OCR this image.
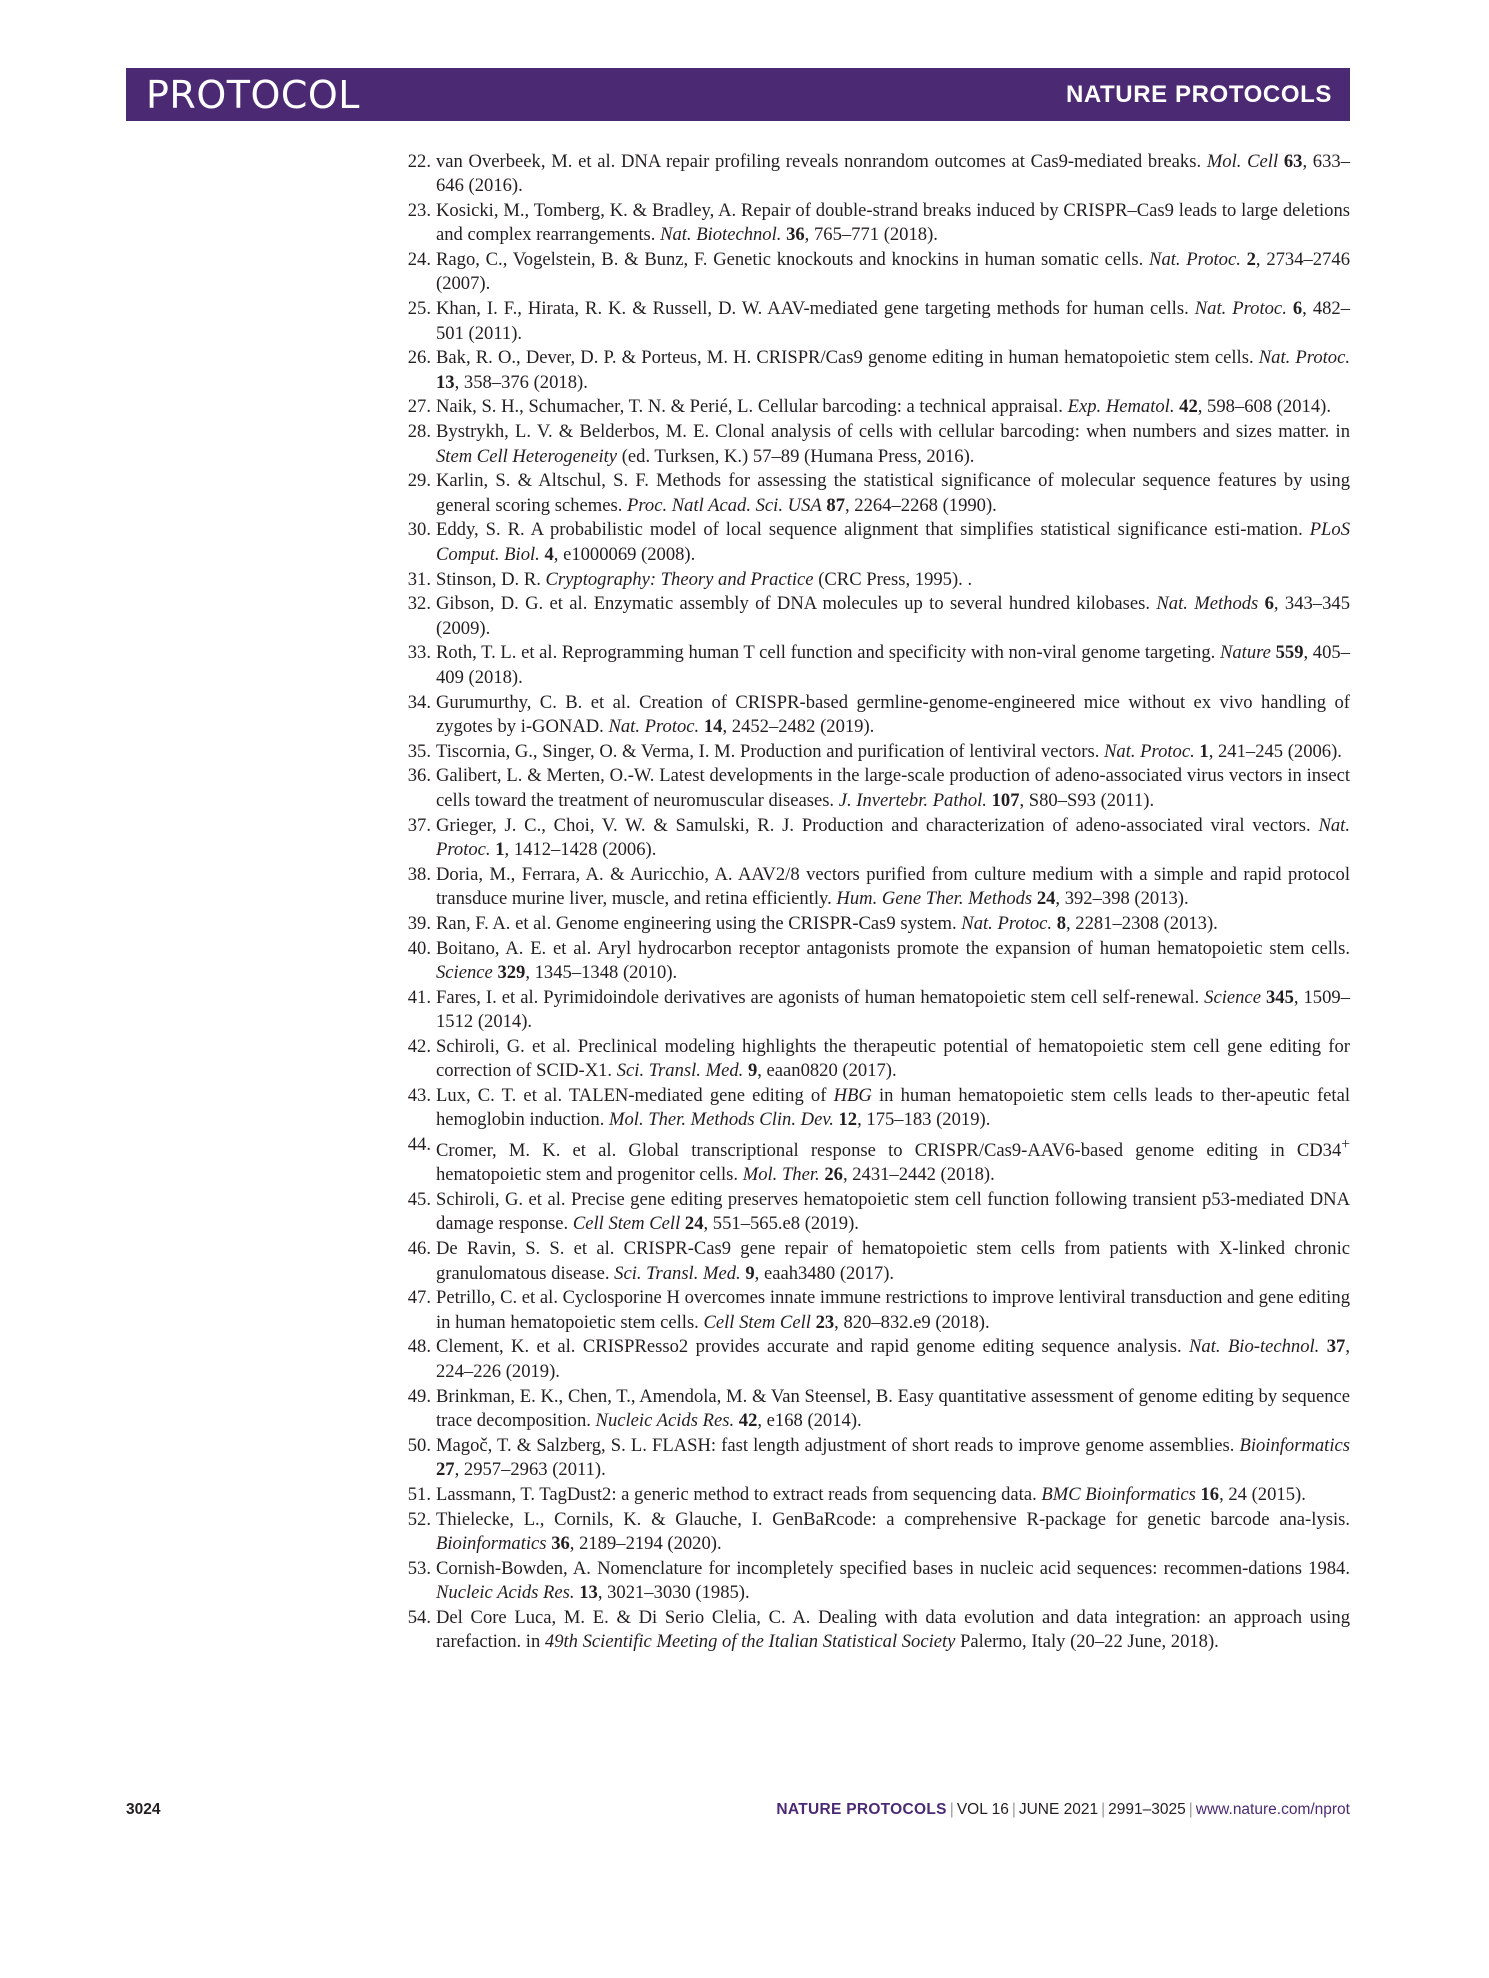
PROTOCOL	NATURE PROTOCOLS
22. van Overbeek, M. et al. DNA repair profiling reveals nonrandom outcomes at Cas9-mediated breaks. Mol. Cell 63, 633–646 (2016).
23. Kosicki, M., Tomberg, K. & Bradley, A. Repair of double-strand breaks induced by CRISPR–Cas9 leads to large deletions and complex rearrangements. Nat. Biotechnol. 36, 765–771 (2018).
24. Rago, C., Vogelstein, B. & Bunz, F. Genetic knockouts and knockins in human somatic cells. Nat. Protoc. 2, 2734–2746 (2007).
25. Khan, I. F., Hirata, R. K. & Russell, D. W. AAV-mediated gene targeting methods for human cells. Nat. Protoc. 6, 482–501 (2011).
26. Bak, R. O., Dever, D. P. & Porteus, M. H. CRISPR/Cas9 genome editing in human hematopoietic stem cells. Nat. Protoc. 13, 358–376 (2018).
27. Naik, S. H., Schumacher, T. N. & Perié, L. Cellular barcoding: a technical appraisal. Exp. Hematol. 42, 598–608 (2014).
28. Bystrykh, L. V. & Belderbos, M. E. Clonal analysis of cells with cellular barcoding: when numbers and sizes matter. in Stem Cell Heterogeneity (ed. Turksen, K.) 57–89 (Humana Press, 2016).
29. Karlin, S. & Altschul, S. F. Methods for assessing the statistical significance of molecular sequence features by using general scoring schemes. Proc. Natl Acad. Sci. USA 87, 2264–2268 (1990).
30. Eddy, S. R. A probabilistic model of local sequence alignment that simplifies statistical significance esti-mation. PLoS Comput. Biol. 4, e1000069 (2008).
31. Stinson, D. R. Cryptography: Theory and Practice (CRC Press, 1995). .
32. Gibson, D. G. et al. Enzymatic assembly of DNA molecules up to several hundred kilobases. Nat. Methods 6, 343–345 (2009).
33. Roth, T. L. et al. Reprogramming human T cell function and specificity with non-viral genome targeting. Nature 559, 405–409 (2018).
34. Gurumurthy, C. B. et al. Creation of CRISPR-based germline-genome-engineered mice without ex vivo handling of zygotes by i-GONAD. Nat. Protoc. 14, 2452–2482 (2019).
35. Tiscornia, G., Singer, O. & Verma, I. M. Production and purification of lentiviral vectors. Nat. Protoc. 1, 241–245 (2006).
36. Galibert, L. & Merten, O.-W. Latest developments in the large-scale production of adeno-associated virus vectors in insect cells toward the treatment of neuromuscular diseases. J. Invertebr. Pathol. 107, S80–S93 (2011).
37. Grieger, J. C., Choi, V. W. & Samulski, R. J. Production and characterization of adeno-associated viral vectors. Nat. Protoc. 1, 1412–1428 (2006).
38. Doria, M., Ferrara, A. & Auricchio, A. AAV2/8 vectors purified from culture medium with a simple and rapid protocol transduce murine liver, muscle, and retina efficiently. Hum. Gene Ther. Methods 24, 392–398 (2013).
39. Ran, F. A. et al. Genome engineering using the CRISPR-Cas9 system. Nat. Protoc. 8, 2281–2308 (2013).
40. Boitano, A. E. et al. Aryl hydrocarbon receptor antagonists promote the expansion of human hematopoietic stem cells. Science 329, 1345–1348 (2010).
41. Fares, I. et al. Pyrimidoindole derivatives are agonists of human hematopoietic stem cell self-renewal. Science 345, 1509–1512 (2014).
42. Schiroli, G. et al. Preclinical modeling highlights the therapeutic potential of hematopoietic stem cell gene editing for correction of SCID-X1. Sci. Transl. Med. 9, eaan0820 (2017).
43. Lux, C. T. et al. TALEN-mediated gene editing of HBG in human hematopoietic stem cells leads to ther-apeutic fetal hemoglobin induction. Mol. Ther. Methods Clin. Dev. 12, 175–183 (2019).
44. Cromer, M. K. et al. Global transcriptional response to CRISPR/Cas9-AAV6-based genome editing in CD34+ hematopoietic stem and progenitor cells. Mol. Ther. 26, 2431–2442 (2018).
45. Schiroli, G. et al. Precise gene editing preserves hematopoietic stem cell function following transient p53-mediated DNA damage response. Cell Stem Cell 24, 551–565.e8 (2019).
46. De Ravin, S. S. et al. CRISPR-Cas9 gene repair of hematopoietic stem cells from patients with X-linked chronic granulomatous disease. Sci. Transl. Med. 9, eaah3480 (2017).
47. Petrillo, C. et al. Cyclosporine H overcomes innate immune restrictions to improve lentiviral transduction and gene editing in human hematopoietic stem cells. Cell Stem Cell 23, 820–832.e9 (2018).
48. Clement, K. et al. CRISPResso2 provides accurate and rapid genome editing sequence analysis. Nat. Bio-technol. 37, 224–226 (2019).
49. Brinkman, E. K., Chen, T., Amendola, M. & Van Steensel, B. Easy quantitative assessment of genome editing by sequence trace decomposition. Nucleic Acids Res. 42, e168 (2014).
50. Magoč, T. & Salzberg, S. L. FLASH: fast length adjustment of short reads to improve genome assemblies. Bioinformatics 27, 2957–2963 (2011).
51. Lassmann, T. TagDust2: a generic method to extract reads from sequencing data. BMC Bioinformatics 16, 24 (2015).
52. Thielecke, L., Cornils, K. & Glauche, I. GenBaRcode: a comprehensive R-package for genetic barcode ana-lysis. Bioinformatics 36, 2189–2194 (2020).
53. Cornish-Bowden, A. Nomenclature for incompletely specified bases in nucleic acid sequences: recommen-dations 1984. Nucleic Acids Res. 13, 3021–3030 (1985).
54. Del Core Luca, M. E. & Di Serio Clelia, C. A. Dealing with data evolution and data integration: an approach using rarefaction. in 49th Scientific Meeting of the Italian Statistical Society Palermo, Italy (20–22 June, 2018).
3024	NATURE PROTOCOLS | VOL 16 | JUNE 2021 | 2991–3025 | www.nature.com/nprot
